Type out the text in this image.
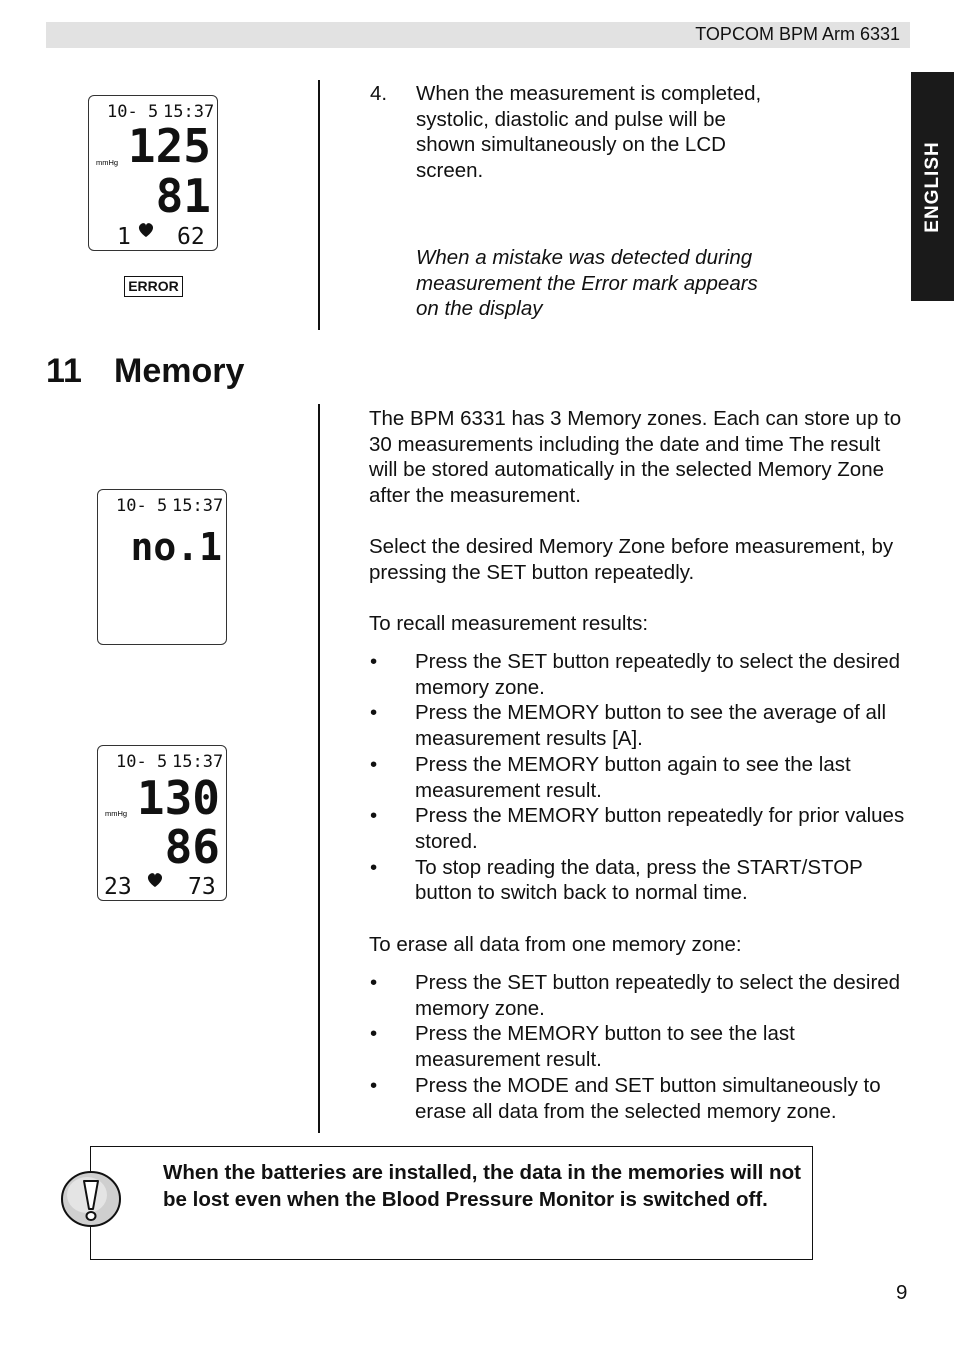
TOPCOM BPM Arm 6331
ENGLISH
10- 5 15:37
mmHg 125
81
1 62
ERROR
4. When the measurement is completed, systolic, diastolic and pulse will be shown simultaneously on the LCD screen.
When a mistake was detected during measurement the Error mark appears on the display
11 Memory
10- 5 15:37
no.1
10- 5 15:37
mmHg 130
86
23 73
The BPM 6331 has 3 Memory zones. Each can store up to 30 measurements including the date and time The result will be stored automatically in the selected Memory Zone after the measurement.
Select the desired Memory Zone before measurement, by pressing the SET button repeatedly.
To recall measurement results:
• Press the SET button repeatedly to select the desired memory zone.
• Press the MEMORY button to see the average of all measurement results [A].
• Press the MEMORY button again to see the last measurement result.
• Press the MEMORY button repeatedly for prior values stored.
• To stop reading the data, press the START/STOP button to switch back to normal time.
To erase all data from one memory zone:
• Press the SET button repeatedly to select the desired memory zone.
• Press the MEMORY button to see the last measurement result.
• Press the MODE and SET button simultaneously to erase all data from the selected memory zone.
When the batteries are installed, the data in the memories will not be lost even when the Blood Pressure Monitor is switched off.
9
